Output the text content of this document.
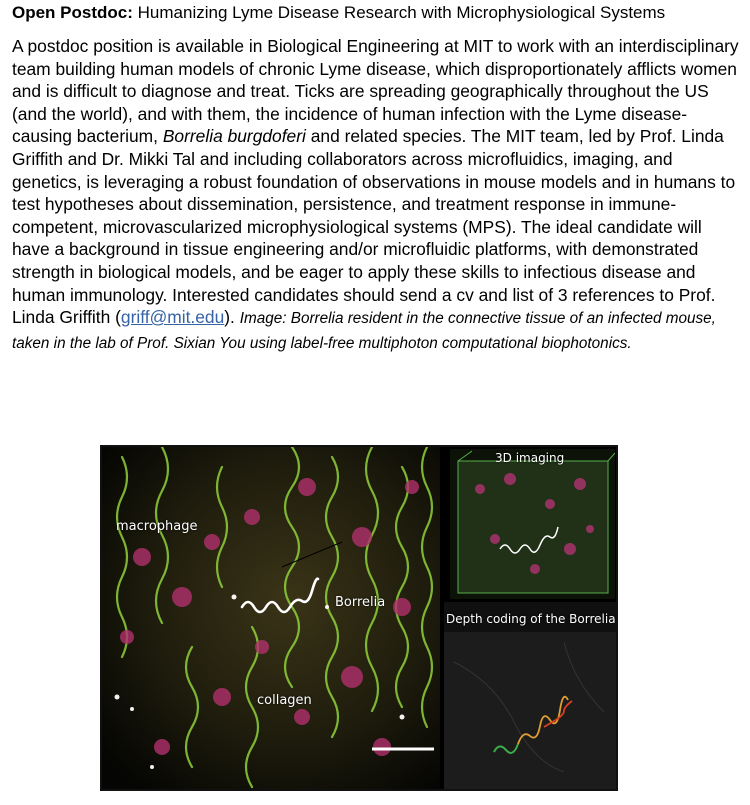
Open Postdoc: Humanizing Lyme Disease Research with Microphysiological Systems
A postdoc position is available in Biological Engineering at MIT to work with an interdisciplinary team building human models of chronic Lyme disease, which disproportionately afflicts women and is difficult to diagnose and treat. Ticks are spreading geographically throughout the US (and the world), and with them, the incidence of human infection with the Lyme disease-causing bacterium, Borrelia burgdoferi and related species. The MIT team, led by Prof. Linda Griffith and Dr. Mikki Tal and including collaborators across microfluidics, imaging, and genetics, is leveraging a robust foundation of observations in mouse models and in humans to test hypotheses about dissemination, persistence, and treatment response in immune-competent, microvascularized microphysiological systems (MPS). The ideal candidate will have a background in tissue engineering and/or microfluidic platforms, with demonstrated strength in biological models, and be eager to apply these skills to infectious disease and human immunology. Interested candidates should send a cv and list of 3 references to Prof. Linda Griffith (griff@mit.edu). Image: Borrelia resident in the connective tissue of an infected mouse, taken in the lab of Prof. Sixian You using label-free multiphoton computational biophotonics.
macrophage
Borrelia
collagen
3D imaging
Depth coding of the Borrelia
